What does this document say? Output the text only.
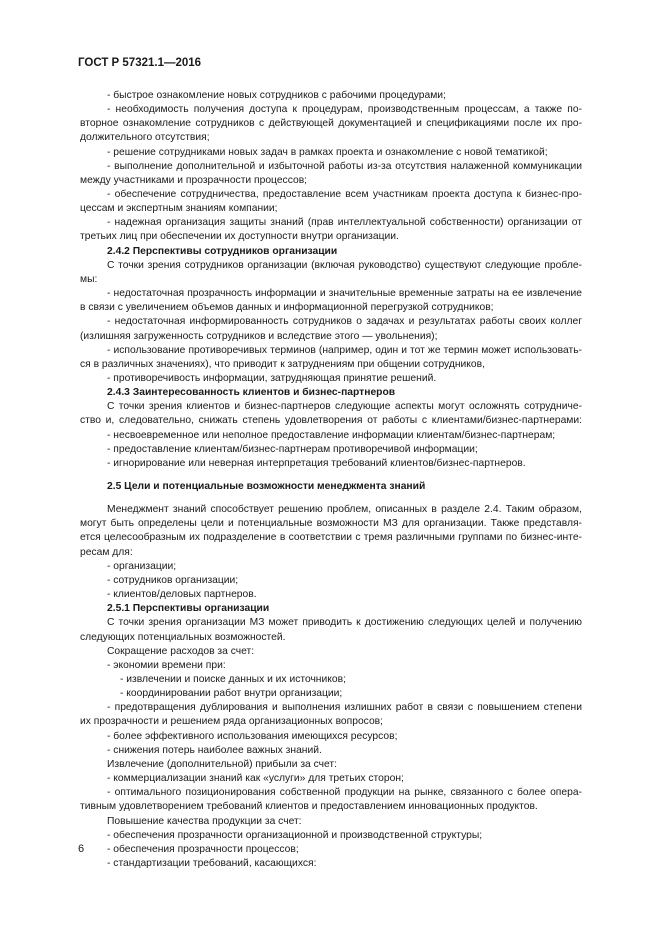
ГОСТ Р 57321.1—2016
- быстрое ознакомление новых сотрудников с рабочими процедурами;
- необходимость получения доступа к процедурам, производственным процессам, а также по-
вторное ознакомление сотрудников с действующей документацией и спецификациями после их про-
должительного отсутствия;
- решение сотрудниками новых задач в рамках проекта и ознакомление с новой тематикой;
- выполнение дополнительной и избыточной работы из-за отсутствия налаженной коммуникации
между участниками и прозрачности процессов;
- обеспечение сотрудничества, предоставление всем участникам проекта доступа к бизнес-про-
цессам и экспертным знаниям компании;
- надежная организация защиты знаний (прав интеллектуальной собственности) организации от
третьих лиц при обеспечении их доступности внутри организации.
2.4.2 Перспективы сотрудников организации
С точки зрения сотрудников организации (включая руководство) существуют следующие пробле-
мы:
- недостаточная прозрачность информации и значительные временные затраты на ее извлечение
в связи с увеличением объемов данных и информационной перегрузкой сотрудников;
- недостаточная информированность сотрудников о задачах и результатах работы своих коллег
(излишняя загруженность сотрудников и вследствие этого — увольнения);
- использование противоречивых терминов (например, один и тот же термин может использовать-
ся в различных значениях), что приводит к затруднениям при общении сотрудников,
- противоречивость информации, затрудняющая принятие решений.
2.4.3 Заинтересованность клиентов и бизнес-партнеров
С точки зрения клиентов и бизнес-партнеров следующие аспекты могут осложнять сотрудниче-
ство и, следовательно, снижать степень удовлетворения от работы с клиентами/бизнес-партнерами:
- несвоевременное или неполное предоставление информации клиентам/бизнес-партнерам;
- предоставление клиентам/бизнес-партнерам противоречивой информации;
- игнорирование или неверная интерпретация требований клиентов/бизнес-партнеров.
2.5 Цели и потенциальные возможности менеджмента знаний
Менеджмент знаний способствует решению проблем, описанных в разделе 2.4. Таким образом,
могут быть определены цели и потенциальные возможности МЗ для организации. Также представля-
ется целесообразным их подразделение в соответствии с тремя различными группами по бизнес-инте-
ресам для:
- организации;
- сотрудников организации;
- клиентов/деловых партнеров.
2.5.1 Перспективы организации
С точки зрения организации МЗ может приводить к достижению следующих целей и получению
следующих потенциальных возможностей.
Сокращение расходов за счет:
- экономии времени при:
- извлечении и поиске данных и их источников;
- координировании работ внутри организации;
- предотвращения дублирования и выполнения излишних работ в связи с повышением степени
их прозрачности и решением ряда организационных вопросов;
- более эффективного использования имеющихся ресурсов;
- снижения потерь наиболее важных знаний.
Извлечение (дополнительной) прибыли за счет:
- коммерциализации знаний как «услуги» для третьих сторон;
- оптимального позиционирования собственной продукции на рынке, связанного с более опера-
тивным удовлетворением требований клиентов и предоставлением инновационных продуктов.
Повышение качества продукции за счет:
- обеспечения прозрачности организационной и производственной структуры;
- обеспечения прозрачности процессов;
- стандартизации требований, касающихся:
6
